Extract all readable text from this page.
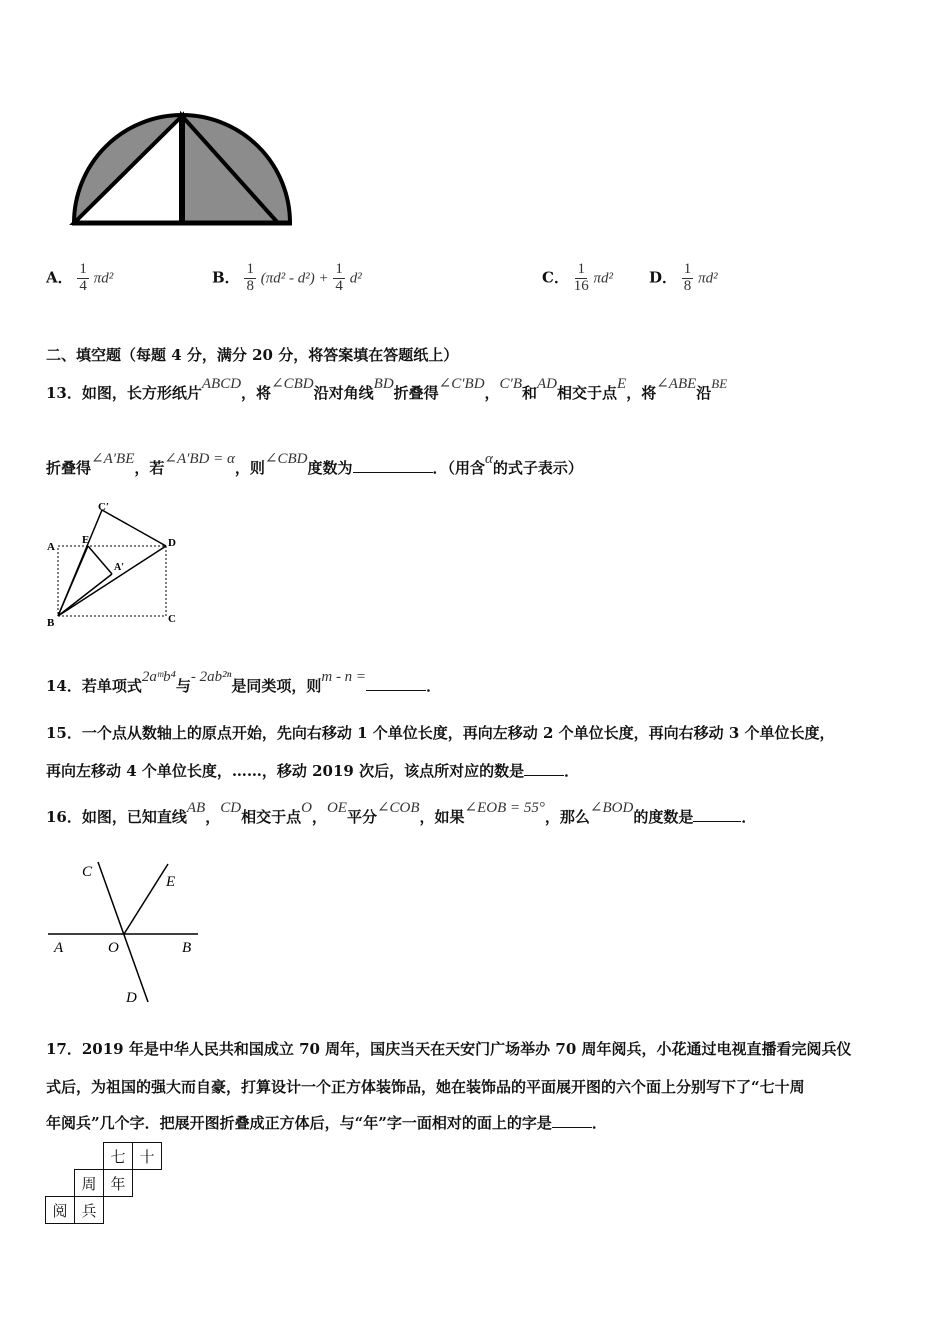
A． $\frac{1}{4} \pi d^2$	B． $\frac{1}{8} (\pi d^2 - d^2) + \frac{1}{4} d^2$	C． $\frac{1}{16} \pi d^2$ D． $\frac{1}{8} \pi d^2$
二、填空题（每题 4 分，满分 20 分，将答案填在答题纸上）
13．如图，长方形纸片ABCD，将∠CBD沿对角线BD折叠得∠C′BD，C′B和AD相交于点E，将∠ABE沿BE
折叠得∠A′BE，若∠A′BD = α，则∠CBD度数为	．（用含α的式子表示）
A
B	C
D
E
C′
A′
14．若单项式2aᵐb⁴与- 2ab²ⁿ是同类项，则m - n =	．
15．一个点从数轴上的原点开始，先向右移动 1 个单位长度，再向左移动 2 个单位长度，再向右移动 3 个单位长度，
再向左移动 4 个单位长度，……，移动 2019 次后，该点所对应的数是	．
16．如图，已知直线AB，CD相交于点O，OE平分∠COB，如果∠EOB = 55°，那么∠BOD的度数是	．
C
E
A	O	B
D
17．2019 年是中华人民共和国成立 70 周年，国庆当天在天安门广场举办 70 周年阅兵，小花通过电视直播看完阅兵仪
式后，为祖国的强大而自豪，打算设计一个正方体装饰品，她在装饰品的平面展开图的六个面上分别写下了“七十周
年阅兵”几个字．把展开图折叠成正方体后，与“年”字一面相对的面上的字是	．
		七	十
	周	年	
阅	兵		
